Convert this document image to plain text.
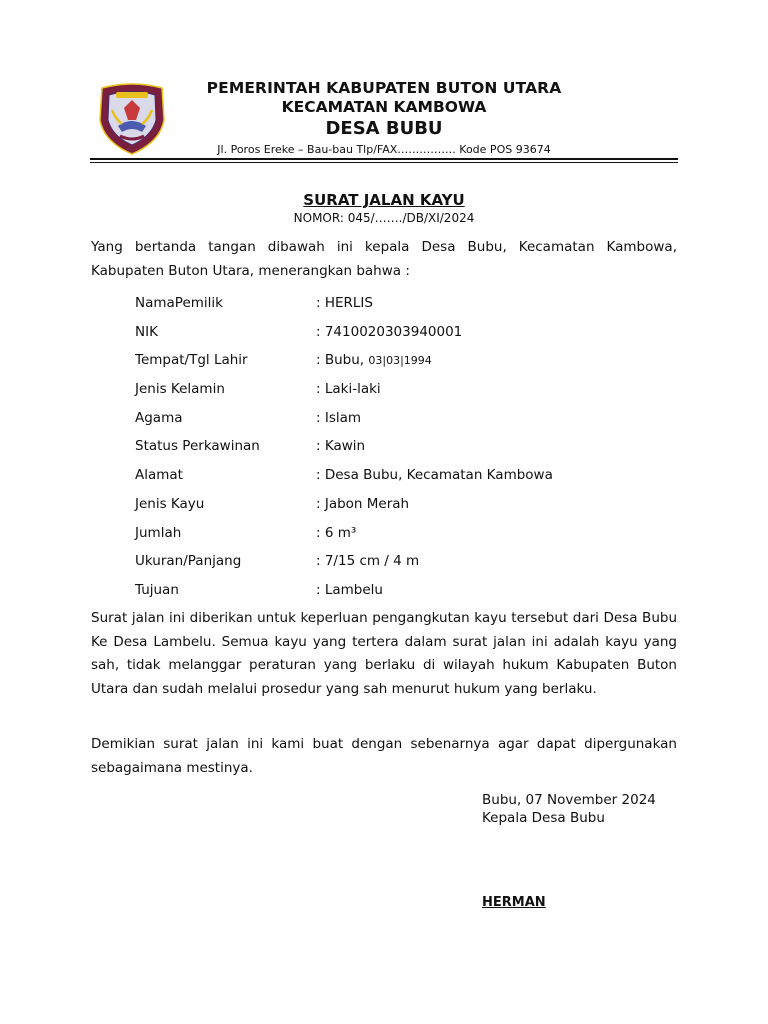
PEMERINTAH KABUPATEN BUTON UTARA
KECAMATAN KAMBOWA
DESA BUBU
Jl. Poros Ereke – Bau-bau Tlp/FAX……………. Kode POS 93674
SURAT JALAN KAYU
NOMOR: 045/……./DB/XI/2024
Yang bertanda tangan dibawah ini kepala Desa Bubu, Kecamatan Kambowa, Kabupaten Buton Utara, menerangkan bahwa :
NamaPemilik	: HERLIS
NIK	: 7410020303940001
Tempat/Tgl Lahir	: Bubu, 03|03|1994
Jenis Kelamin	: Laki-laki
Agama	: Islam
Status Perkawinan	: Kawin
Alamat	: Desa Bubu, Kecamatan Kambowa
Jenis Kayu	: Jabon Merah
Jumlah	: 6 m³
Ukuran/Panjang	: 7/15 cm / 4 m
Tujuan	: Lambelu
Surat jalan ini diberikan untuk keperluan pengangkutan kayu tersebut dari Desa Bubu Ke Desa Lambelu. Semua kayu yang tertera dalam surat jalan ini adalah kayu yang sah, tidak melanggar peraturan yang berlaku di wilayah hukum Kabupaten Buton Utara dan sudah melalui prosedur yang sah menurut hukum yang berlaku.
Demikian surat jalan ini kami buat dengan sebenarnya agar dapat dipergunakan sebagaimana mestinya.
Bubu, 07 November 2024
Kepala Desa Bubu
HERMAN
